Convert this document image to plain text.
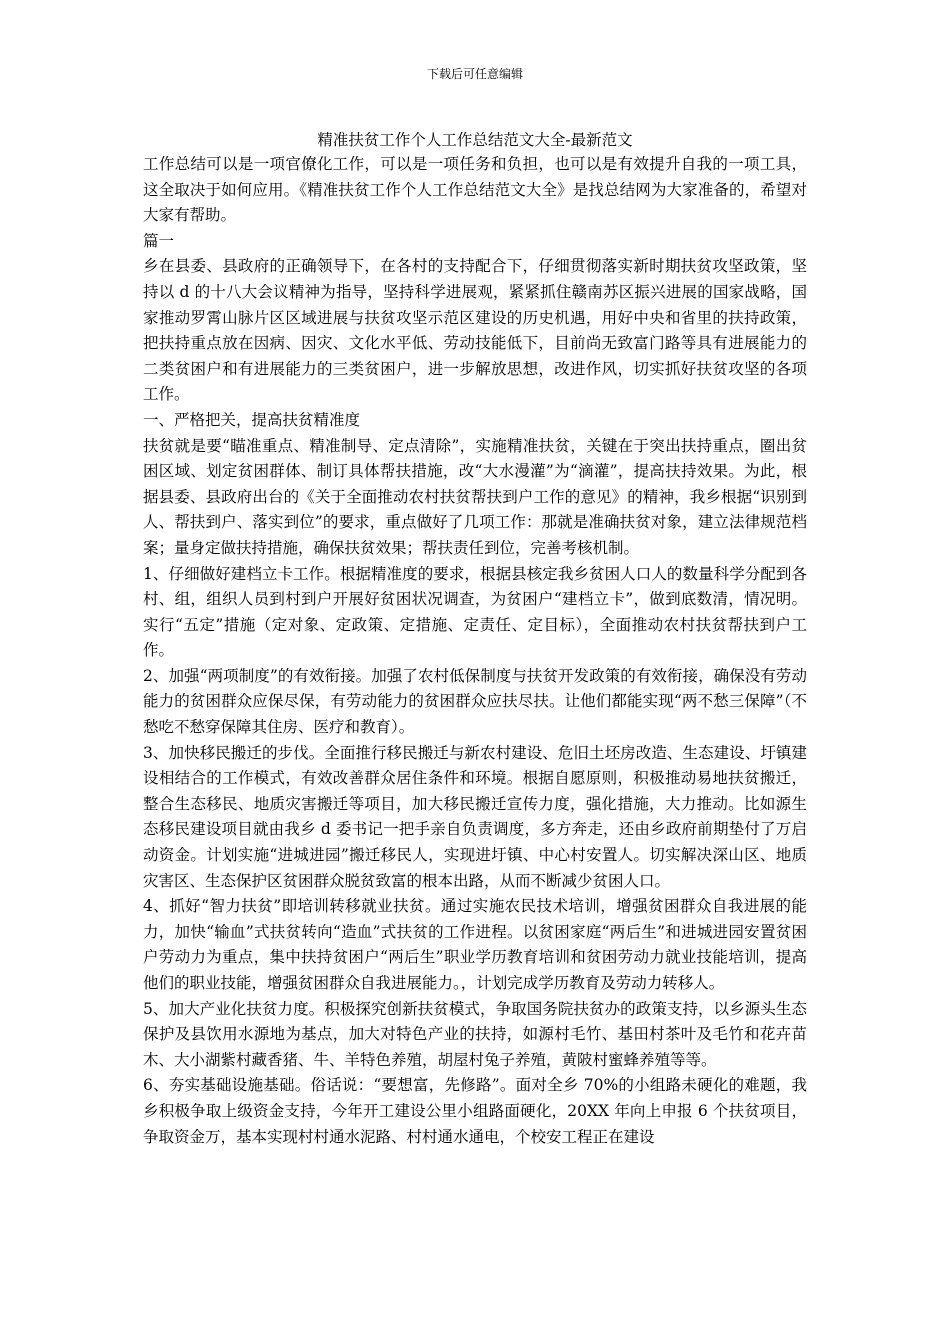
下载后可任意编辑
精准扶贫工作个人工作总结范文大全-最新范文

工作总结可以是一项官僚化工作，可以是一项任务和负担，也可以是有效提升自我的一项工具，这全取决于如何应用。《精准扶贫工作个人工作总结范文大全》是找总结网为大家准备的，希望对大家有帮助。

篇一

乡在县委、县政府的正确领导下，在各村的支持配合下，仔细贯彻落实新时期扶贫攻坚政策，坚持以 d 的十八大会议精神为指导，坚持科学进展观，紧紧抓住赣南苏区振兴进展的国家战略，国家推动罗霄山脉片区区域进展与扶贫攻坚示范区建设的历史机遇，用好中央和省里的扶持政策，把扶持重点放在因病、因灾、文化水平低、劳动技能低下，目前尚无致富门路等具有进展能力的二类贫困户和有进展能力的三类贫困户，进一步解放思想，改进作风，切实抓好扶贫攻坚的各项工作。

一、严格把关，提高扶贫精准度

扶贫就是要“瞄准重点、精准制导、定点清除”，实施精准扶贫，关键在于突出扶持重点，圈出贫困区域、划定贫困群体、制订具体帮扶措施，改“大水漫灌”为“滴灌”，提高扶持效果。为此，根据县委、县政府出台的《关于全面推动农村扶贫帮扶到户工作的意见》的精神，我乡根据“识别到人、帮扶到户、落实到位”的要求，重点做好了几项工作：那就是准确扶贫对象，建立法律规范档案；量身定做扶持措施，确保扶贫效果；帮扶责任到位，完善考核机制。

1、仔细做好建档立卡工作。根据精准度的要求，根据县核定我乡贫困人口人的数量科学分配到各村、组，组织人员到村到户开展好贫困状况调查，为贫困户“建档立卡”，做到底数清，情况明。实行“五定”措施（定对象、定政策、定措施、定责任、定目标），全面推动农村扶贫帮扶到户工作。

2、加强“两项制度”的有效衔接。加强了农村低保制度与扶贫开发政策的有效衔接，确保没有劳动能力的贫困群众应保尽保，有劳动能力的贫困群众应扶尽扶。让他们都能实现“两不愁三保障”（不愁吃不愁穿保障其住房、医疗和教育）。

3、加快移民搬迁的步伐。全面推行移民搬迁与新农村建设、危旧土坯房改造、生态建设、圩镇建设相结合的工作模式，有效改善群众居住条件和环境。根据自愿原则，积极推动易地扶贫搬迁，整合生态移民、地质灾害搬迁等项目，加大移民搬迁宣传力度，强化措施，大力推动。比如源生态移民建设项目就由我乡 d 委书记一把手亲自负责调度，多方奔走，还由乡政府前期垫付了万启动资金。计划实施“进城进园”搬迁移民人，实现进圩镇、中心村安置人。切实解决深山区、地质灾害区、生态保护区贫困群众脱贫致富的根本出路，从而不断减少贫困人口。

4、抓好“智力扶贫”即培训转移就业扶贫。通过实施农民技术培训，增强贫困群众自我进展的能力，加快“输血”式扶贫转向“造血”式扶贫的工作进程。以贫困家庭“两后生”和进城进园安置贫困户劳动力为重点，集中扶持贫困户“两后生”职业学历教育培训和贫困劳动力就业技能培训，提高他们的职业技能，增强贫困群众自我进展能力。，计划完成学历教育及劳动力转移人。

5、加大产业化扶贫力度。积极探究创新扶贫模式，争取国务院扶贫办的政策支持，以乡源头生态保护及县饮用水源地为基点，加大对特色产业的扶持，如源村毛竹、基田村茶叶及毛竹和花卉苗木、大小湖紫村藏香猪、牛、羊特色养殖，胡屋村兔子养殖，黄陂村蜜蜂养殖等等。

6、夯实基础设施基础。俗话说：“要想富，先修路”。面对全乡 70%的小组路未硬化的难题，我乡积极争取上级资金支持，今年开工建设公里小组路面硬化，20XX 年向上申报 6 个扶贫项目，争取资金万，基本实现村村通水泥路、村村通水通电，个校安工程正在建设
